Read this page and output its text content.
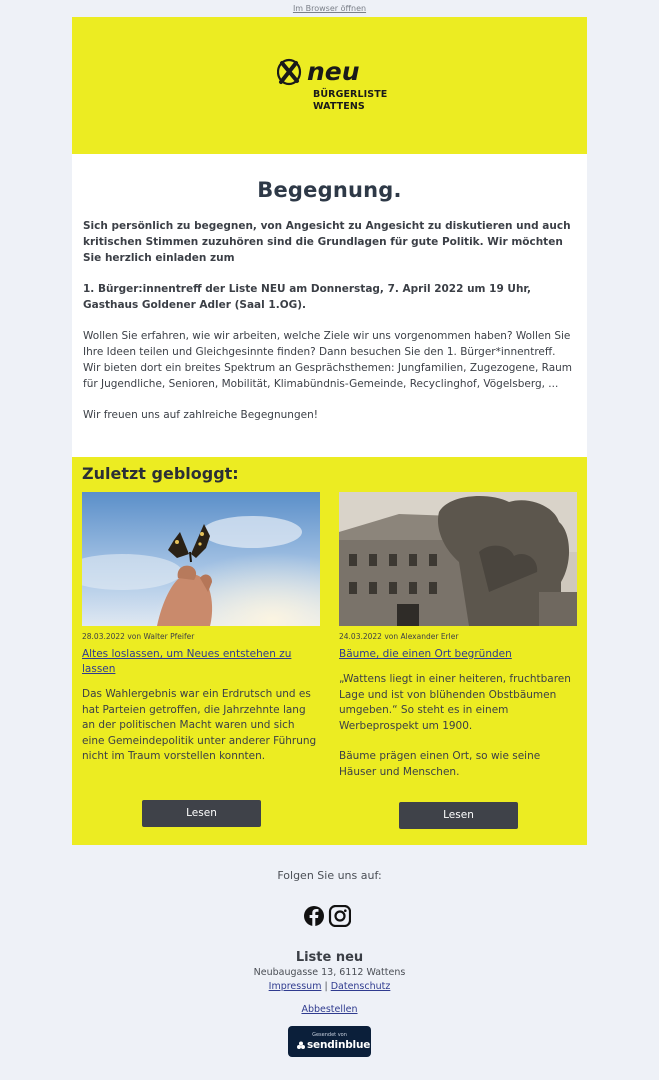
Im Browser öffnen
neu
BÜRGERLISTE
WATTENS
Begegnung.

Sich persönlich zu begegnen, von Angesicht zu Angesicht zu diskutieren und auch kritischen Stimmen zuzuhören sind die Grundlagen für gute Politik. Wir möchten Sie herzlich einladen zum

1. Bürger:innentreff der Liste NEU am Donnerstag, 7. April 2022 um 19 Uhr,
Gasthaus Goldener Adler (Saal 1.OG).

Wollen Sie erfahren, wie wir arbeiten, welche Ziele wir uns vorgenommen haben? Wollen Sie Ihre Ideen teilen und Gleichgesinnte finden? Dann besuchen Sie den 1. Bürger*innentreff. Wir bieten dort ein breites Spektrum an Gesprächsthemen: Jungfamilien, Zugezogene, Raum für Jugendliche, Senioren, Mobilität, Klimabündnis-Gemeinde, Recyclinghof, Vögelsberg, ...

Wir freuen uns auf zahlreiche Begegnungen!

Zuletzt gebloggt:
28.03.2022 von Walter Pfeifer
Altes loslassen, um Neues entstehen zu lassen

Das Wahlergebnis war ein Erdrutsch und es hat Parteien getroffen, die Jahrzehnte lang an der politischen Macht waren und sich eine Gemeindepolitik unter anderer Führung nicht im Traum vorstellen konnten.

Lesen
24.03.2022 von Alexander Erler
Bäume, die einen Ort begründen

„Wattens liegt in einer heiteren, fruchtbaren Lage und ist von blühenden Obstbäumen umgeben.“ So steht es in einem Werbeprospekt um 1900.

Bäume prägen einen Ort, so wie seine Häuser und Menschen.

Lesen
Folgen Sie uns auf:
Liste neu
Neubaugasse 13, 6112 Wattens
Impressum | Datenschutz
Abbestellen
Gesendet von
sendinblue
